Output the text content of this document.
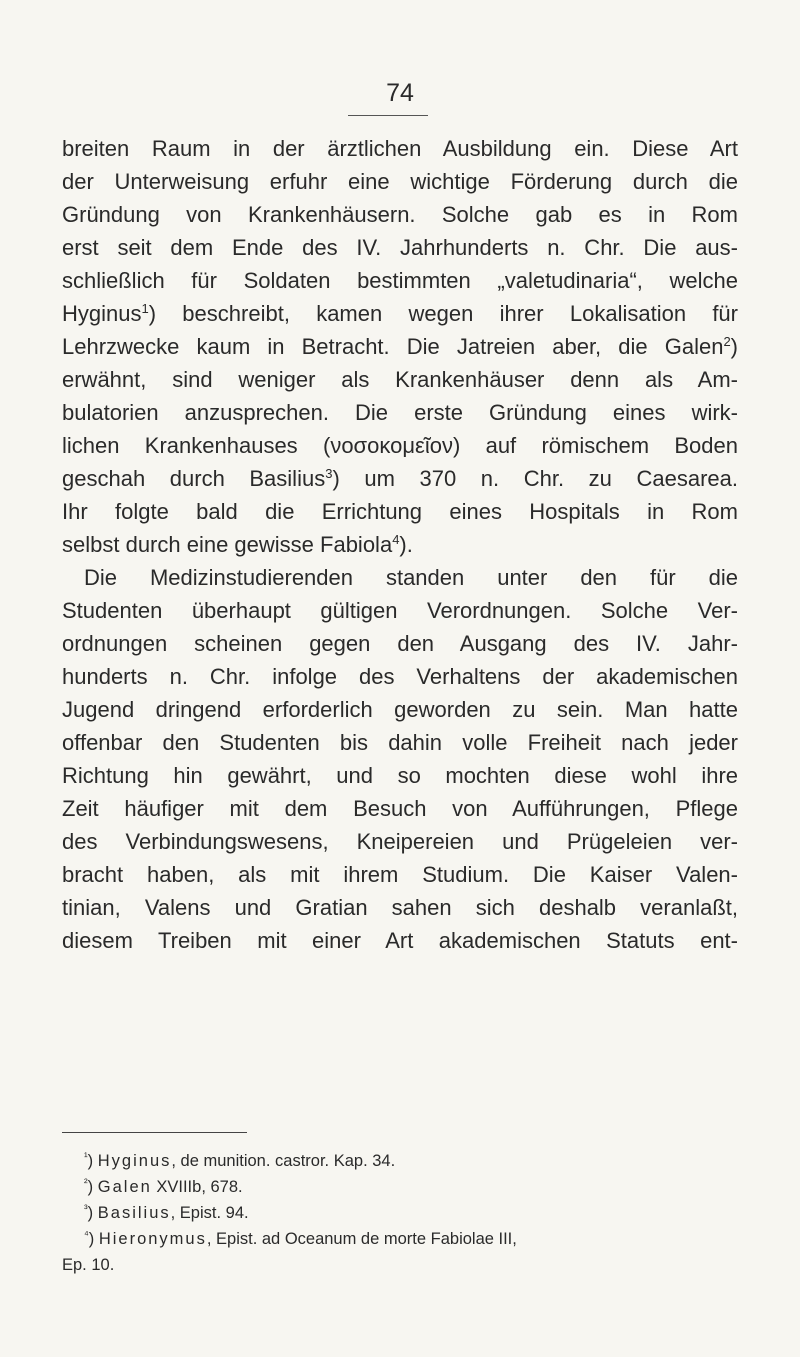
74
breiten Raum in der ärztlichen Ausbildung ein. Diese Art
der Unterweisung erfuhr eine wichtige Förderung durch die
Gründung von Krankenhäusern. Solche gab es in Rom
erst seit dem Ende des IV. Jahrhunderts n. Chr. Die aus-
schließlich für Soldaten bestimmten „valetudinaria“, welche
Hyginus$^1$) beschreibt, kamen wegen ihrer Lokalisation für
Lehrzwecke kaum in Betracht. Die Jatreien aber, die Galen$^2$)
erwähnt, sind weniger als Krankenhäuser denn als Am-
bulatorien anzusprechen. Die erste Gründung eines wirk-
lichen Krankenhauses (νοσοκομεῖον) auf römischem Boden
geschah durch Basilius$^3$) um 370 n. Chr. zu Caesarea.
Ihr folgte bald die Errichtung eines Hospitals in Rom
selbst durch eine gewisse Fabiola$^4$).
Die Medizinstudierenden standen unter den für die
Studenten überhaupt gültigen Verordnungen. Solche Ver-
ordnungen scheinen gegen den Ausgang des IV. Jahr-
hunderts n. Chr. infolge des Verhaltens der akademischen
Jugend dringend erforderlich geworden zu sein. Man hatte
offenbar den Studenten bis dahin volle Freiheit nach jeder
Richtung hin gewährt, und so mochten diese wohl ihre
Zeit häufiger mit dem Besuch von Aufführungen, Pflege
des Verbindungswesens, Kneipereien und Prügeleien ver-
bracht haben, als mit ihrem Studium. Die Kaiser Valen-
tinian, Valens und Gratian sahen sich deshalb veranlaßt,
diesem Treiben mit einer Art akademischen Statuts ent-
$^{^1}$) Hyginus, de munition. castror. Kap. 34.
$^{^2}$) Galen XVIIIb, 678.
$^{^3}$) Basilius, Epist. 94.
$^{^4}$) Hieronymus, Epist. ad Oceanum de morte Fabiolae III,
Ep. 10.
